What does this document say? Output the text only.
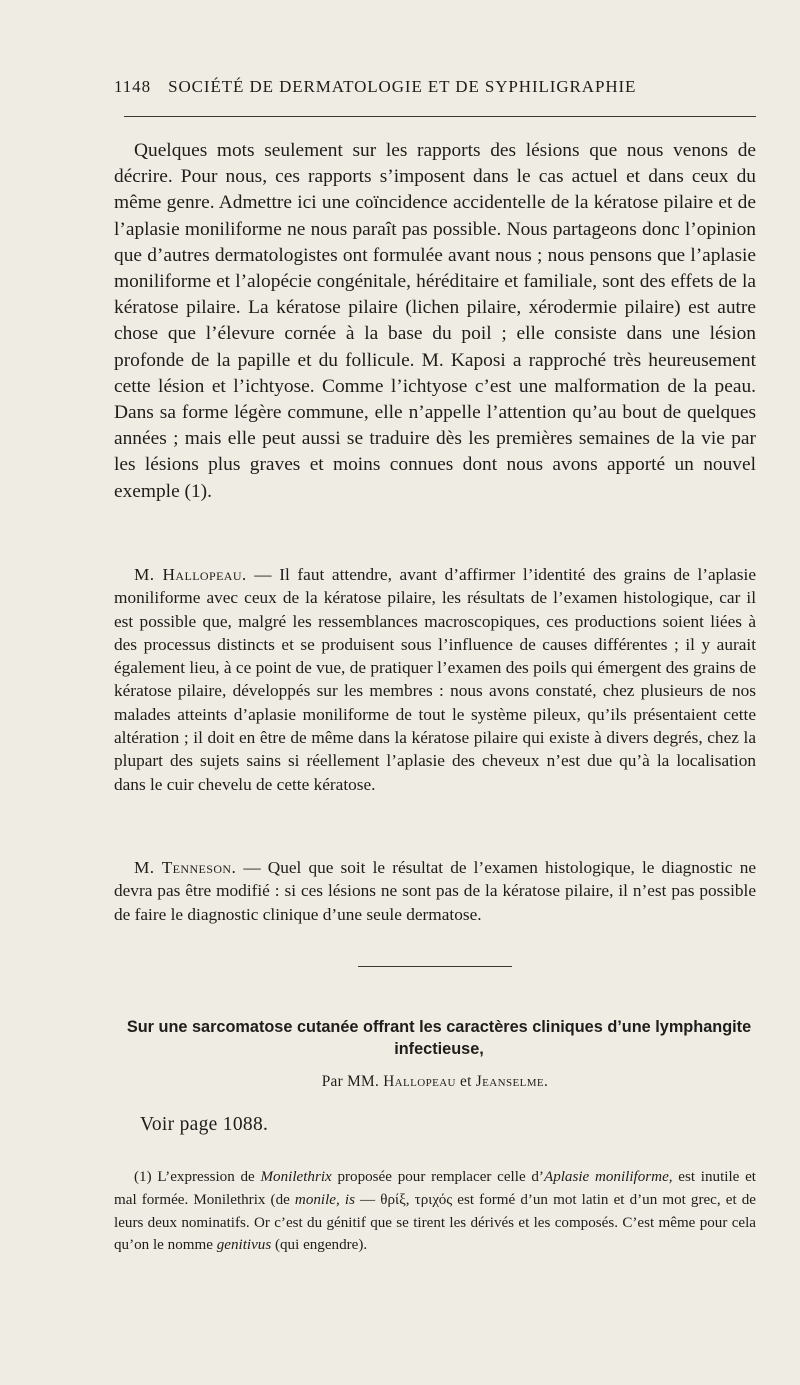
1148 SOCIÉTÉ DE DERMATOLOGIE ET DE SYPHILIGRAPHIE

Quelques mots seulement sur les rapports des lésions que nous venons de décrire. Pour nous, ces rapports s’imposent dans le cas actuel et dans ceux du même genre. Admettre ici une coïncidence accidentelle de la kératose pilaire et de l’aplasie moniliforme ne nous paraît pas possible. Nous partageons donc l’opinion que d’autres dermatologistes ont formulée avant nous ; nous pensons que l’aplasie moniliforme et l’alopécie congénitale, héréditaire et familiale, sont des effets de la kératose pilaire. La kératose pilaire (lichen pilaire, xérodermie pilaire) est autre chose que l’élevure cornée à la base du poil ; elle consiste dans une lésion profonde de la papille et du follicule. M. Kaposi a rapproché très heureusement cette lésion et l’ichtyose. Comme l’ichtyose c’est une malformation de la peau. Dans sa forme légère commune, elle n’appelle l’attention qu’au bout de quelques années ; mais elle peut aussi se traduire dès les premières semaines de la vie par les lésions plus graves et moins connues dont nous avons apporté un nouvel exemple (1).

M. Hallopeau. — Il faut attendre, avant d’affirmer l’identité des grains de l’aplasie moniliforme avec ceux de la kératose pilaire, les résultats de l’examen histologique, car il est possible que, malgré les ressemblances macroscopiques, ces productions soient liées à des processus distincts et se produisent sous l’influence de causes différentes ; il y aurait également lieu, à ce point de vue, de pratiquer l’examen des poils qui émergent des grains de kératose pilaire, développés sur les membres : nous avons constaté, chez plusieurs de nos malades atteints d’aplasie moniliforme de tout le système pileux, qu’ils présentaient cette altération ; il doit en être de même dans la kératose pilaire qui existe à divers degrés, chez la plupart des sujets sains si réellement l’aplasie des cheveux n’est due qu’à la localisation dans le cuir chevelu de cette kératose.

M. Tenneson. — Quel que soit le résultat de l’examen histologique, le diagnostic ne devra pas être modifié : si ces lésions ne sont pas de la kératose pilaire, il n’est pas possible de faire le diagnostic clinique d’une seule dermatose.

Sur une sarcomatose cutanée offrant les caractères cliniques d’une lymphangite infectieuse,
Par MM. Hallopeau et Jeanselme.
Voir page 1088.

(1) L’expression de Monilethrix proposée pour remplacer celle d’Aplasie moniliforme, est inutile et mal formée. Monilethrix (de monile, is — θρίξ, τριχός est formé d’un mot latin et d’un mot grec, et de leurs deux nominatifs. Or c’est du génitif que se tirent les dérivés et les composés. C’est même pour cela qu’on le nomme genitivus (qui engendre).
